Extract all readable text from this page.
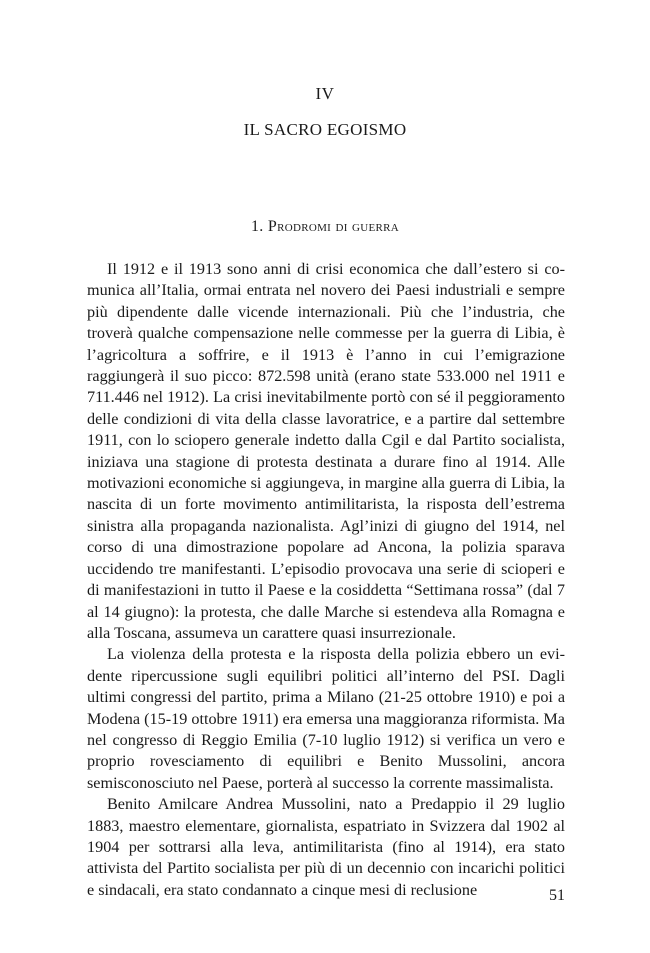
IV
IL SACRO EGOISMO
1. Prodromi di guerra

Il 1912 e il 1913 sono anni di crisi economica che dall’estero si comunica all’Italia, ormai entrata nel novero dei Paesi industriali e sempre più dipendente dalle vicende internazionali. Più che l’industria, che troverà qualche compensazione nelle commesse per la guerra di Libia, è l’agricoltura a soffrire, e il 1913 è l’anno in cui l’emigrazione raggiungerà il suo picco: 872.598 unità (erano state 533.000 nel 1911 e 711.446 nel 1912). La crisi inevitabilmente portò con sé il peggioramento delle condizioni di vita della classe lavoratrice, e a partire dal settembre 1911, con lo sciopero generale indetto dalla Cgil e dal Partito socialista, iniziava una stagione di protesta destinata a durare fino al 1914. Alle motivazioni economiche si aggiungeva, in margine alla guerra di Libia, la nascita di un forte movimento antimilitarista, la risposta dell’estrema sinistra alla propaganda nazionalista. Agl’inizi di giugno del 1914, nel corso di una dimostrazione popolare ad Ancona, la polizia sparava uccidendo tre manifestanti. L’episodio provocava una serie di scioperi e di manifestazioni in tutto il Paese e la cosiddetta “Settimana rossa” (dal 7 al 14 giugno): la protesta, che dalle Marche si estendeva alla Romagna e alla Toscana, assumeva un carattere quasi insurrezionale.

La violenza della protesta e la risposta della polizia ebbero un evidente ripercussione sugli equilibri politici all’interno del PSI. Dagli ultimi congressi del partito, prima a Milano (21-25 ottobre 1910) e poi a Modena (15-19 ottobre 1911) era emersa una maggioranza riformista. Ma nel congresso di Reggio Emilia (7-10 luglio 1912) si verifica un vero e proprio rovesciamento di equilibri e Benito Mussolini, ancora semisconosciuto nel Paese, porterà al successo la corrente massimalista.

Benito Amilcare Andrea Mussolini, nato a Predappio il 29 luglio 1883, maestro elementare, giornalista, espatriato in Svizzera dal 1902 al 1904 per sottrarsi alla leva, antimilitarista (fino al 1914), era stato attivista del Partito socialista per più di un decennio con incarichi politici e sindacali, era stato condannato a cinque mesi di reclusione	51
